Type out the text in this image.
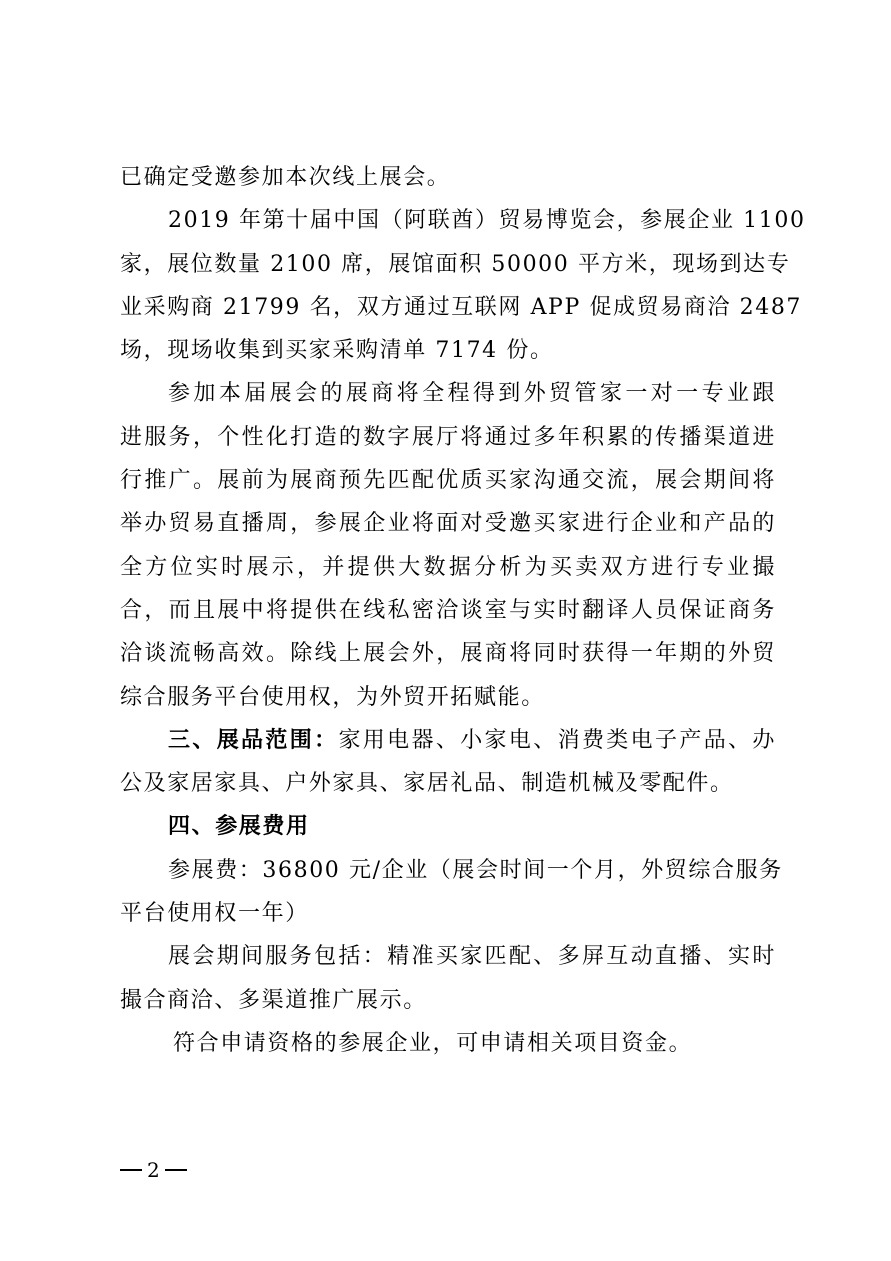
已确定受邀参加本次线上展会。
2019 年第十届中国（阿联酋）贸易博览会，参展企业 1100
家，展位数量 2100 席，展馆面积 50000 平方米，现场到达专
业采购商 21799 名，双方通过互联网 APP 促成贸易商洽 2487
场，现场收集到买家采购清单 7174 份。
参加本届展会的展商将全程得到外贸管家一对一专业跟
进服务，个性化打造的数字展厅将通过多年积累的传播渠道进
行推广。展前为展商预先匹配优质买家沟通交流，展会期间将
举办贸易直播周，参展企业将面对受邀买家进行企业和产品的
全方位实时展示，并提供大数据分析为买卖双方进行专业撮
合，而且展中将提供在线私密洽谈室与实时翻译人员保证商务
洽谈流畅高效。除线上展会外，展商将同时获得一年期的外贸
综合服务平台使用权，为外贸开拓赋能。
三、展品范围：家用电器、小家电、消费类电子产品、办
公及家居家具、户外家具、家居礼品、制造机械及零配件。
四、参展费用
参展费：36800 元/企业（展会时间一个月，外贸综合服务
平台使用权一年）
展会期间服务包括：精准买家匹配、多屏互动直播、实时
撮合商洽、多渠道推广展示。
符合申请资格的参展企业，可申请相关项目资金。
2
